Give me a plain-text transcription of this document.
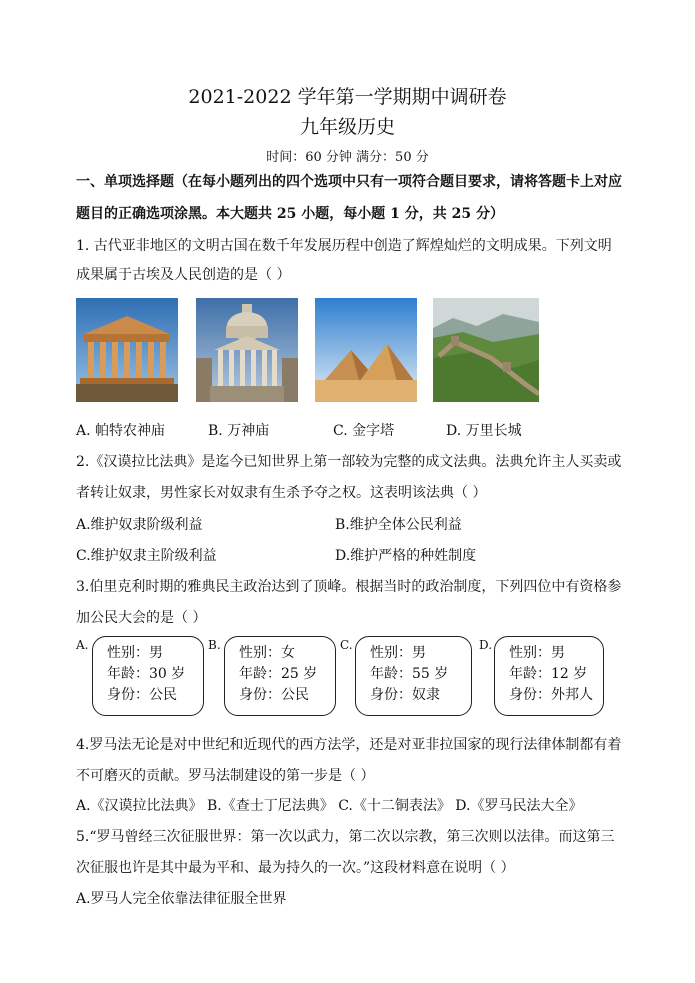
2021-2022 学年第一学期期中调研卷
九年级历史
时间：60 分钟 满分：50 分
一、单项选择题（在每小题列出的四个选项中只有一项符合题目要求，请将答题卡上对应
题目的正确选项涂黑。本大题共 25 小题，每小题 1 分，共 25 分）
1. 古代亚非地区的文明古国在数千年发展历程中创造了辉煌灿烂的文明成果。下列文明
成果属于古埃及人民创造的是（ ）
A. 帕特农神庙	B. 万神庙	C. 金字塔	D. 万里长城
2.《汉谟拉比法典》是迄今已知世界上第一部较为完整的成文法典。法典允许主人买卖或
者转让奴隶，男性家长对奴隶有生杀予夺之权。这表明该法典（ ）
A.维护奴隶阶级利益	B.维护全体公民利益
C.维护奴隶主阶级利益	D.维护严格的种姓制度
3.伯里克利时期的雅典民主政治达到了顶峰。根据当时的政治制度，下列四位中有资格参
加公民大会的是（ ）
A. 性别：男
年龄：30 岁
身份：公民
B. 性别：女
年龄：25 岁
身份：公民
C. 性别：男
年龄：55 岁
身份：奴隶
D. 性别：男
年龄：12 岁
身份：外邦人
4.罗马法无论是对中世纪和近现代的西方法学，还是对亚非拉国家的现行法律体制都有着
不可磨灭的贡献。罗马法制建设的第一步是（ ）
A.《汉谟拉比法典》 B.《查士丁尼法典》 C.《十二铜表法》 D.《罗马民法大全》
5.“罗马曾经三次征服世界：第一次以武力，第二次以宗教，第三次则以法律。而这第三
次征服也许是其中最为平和、最为持久的一次。”这段材料意在说明（ ）
A.罗马人完全依靠法律征服全世界
